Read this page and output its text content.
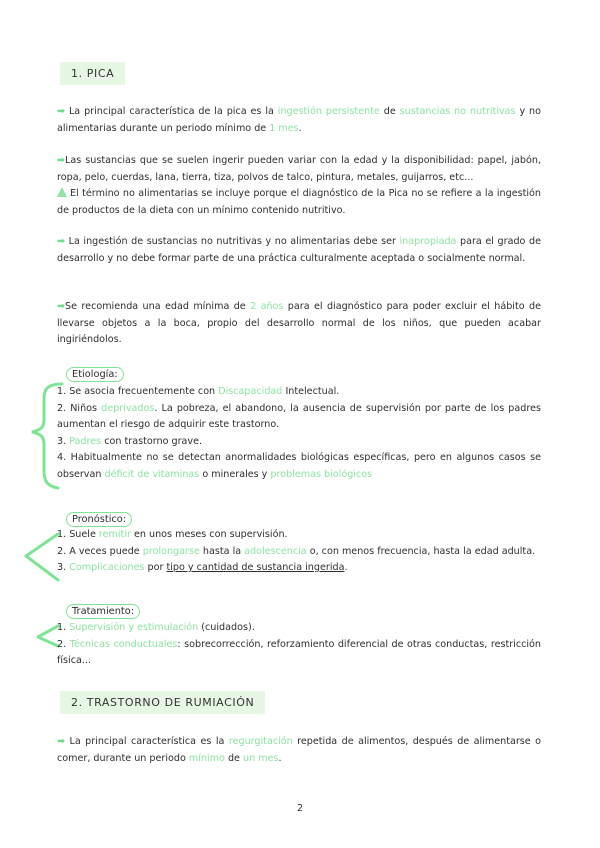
1. PICA
➡ La principal característica de la pica es la ingestión persistente de sustancias no nutritivas y no alimentarias durante un periodo mínimo de 1 mes.
➡Las sustancias que se suelen ingerir pueden variar con la edad y la disponibilidad: papel, jabón, ropa, pelo, cuerdas, lana, tierra, tiza, polvos de talco, pintura, metales, guijarros, etc...
El término no alimentarias se incluye porque el diagnóstico de la Pica no se refiere a la ingestión de productos de la dieta con un mínimo contenido nutritivo.
➡ La ingestión de sustancias no nutritivas y no alimentarias debe ser inapropiada para el grado de desarrollo y no debe formar parte de una práctica culturalmente aceptada o socialmente normal.
➡Se recomienda una edad mínima de 2 años para el diagnóstico para poder excluir el hábito de llevarse objetos a la boca, propio del desarrollo normal de los niños, que pueden acabar ingiriéndolos.
Etiología:
1. Se asocia frecuentemente con Discapacidad Intelectual.
2. Niños deprivados. La pobreza, el abandono, la ausencia de supervisión por parte de los padres aumentan el riesgo de adquirir este trastorno.
3. Padres con trastorno grave.
4. Habitualmente no se detectan anormalidades biológicas específicas, pero en algunos casos se observan déficit de vitaminas o minerales y problemas biológicos
Pronóstico:
1. Suele remitir en unos meses con supervisión.
2. A veces puede prolongarse hasta la adolescencia o, con menos frecuencia, hasta la edad adulta.
3. Complicaciones por tipo y cantidad de sustancia ingerida.
Tratamiento:
1. Supervisión y estimulación (cuidados).
2. Técnicas conductuales: sobrecorrección, reforzamiento diferencial de otras conductas, restricción física...
2. TRASTORNO DE RUMIACIÓN
➡ La principal característica es la regurgitación repetida de alimentos, después de alimentarse o comer, durante un periodo mínimo de un mes.
2
